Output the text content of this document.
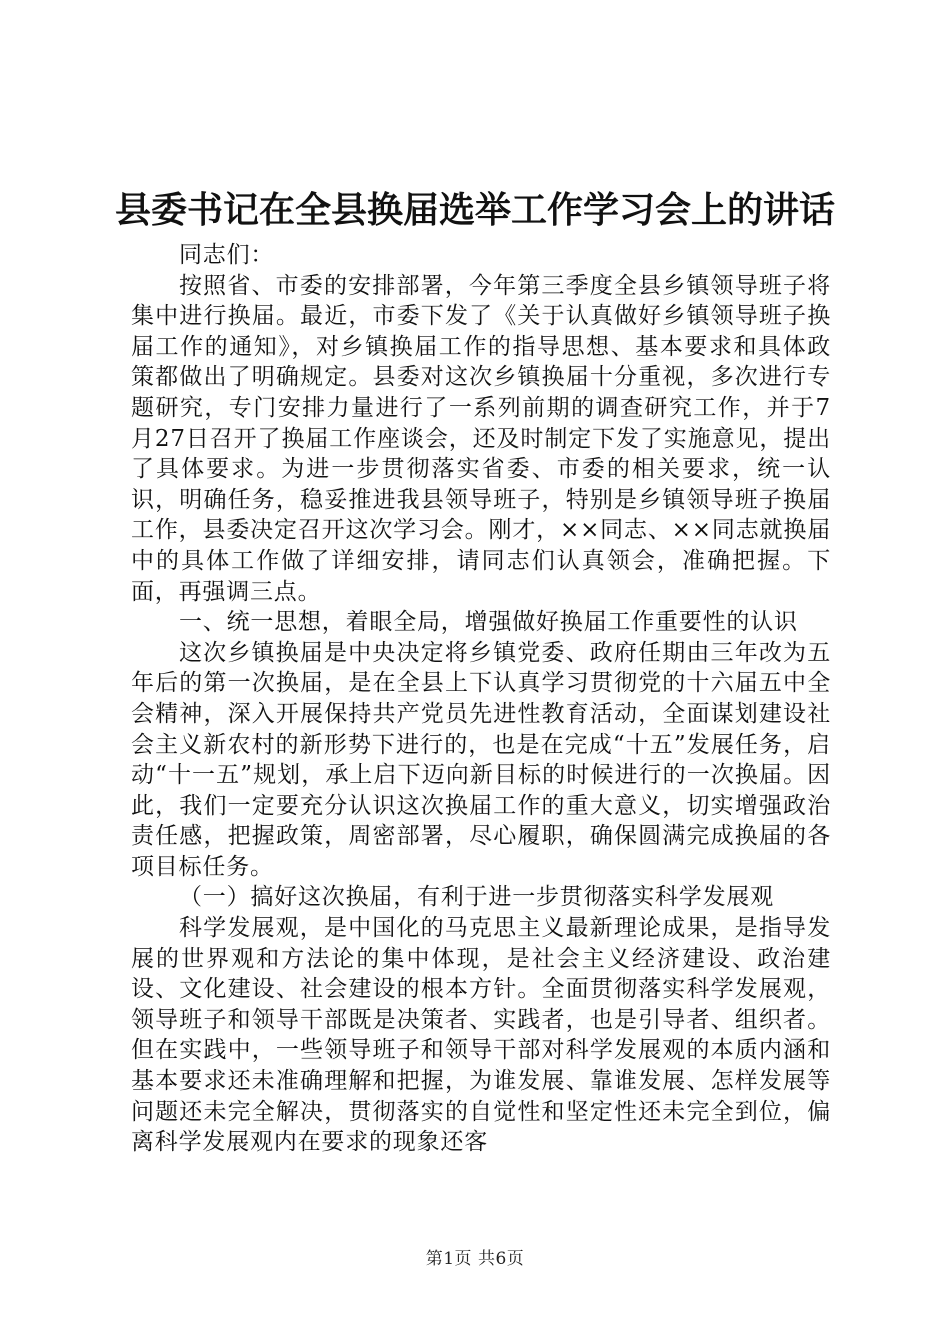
县委书记在全县换届选举工作学习会上的讲话

同志们：

按照省、市委的安排部署，今年第三季度全县乡镇领导班子将集中进行换届。最近，市委下发了《关于认真做好乡镇领导班子换届工作的通知》，对乡镇换届工作的指导思想、基本要求和具体政策都做出了明确规定。县委对这次乡镇换届十分重视，多次进行专题研究，专门安排力量进行了一系列前期的调查研究工作，并于7月27日召开了换届工作座谈会，还及时制定下发了实施意见，提出了具体要求。为进一步贯彻落实省委、市委的相关要求，统一认识，明确任务，稳妥推进我县领导班子，特别是乡镇领导班子换届工作，县委决定召开这次学习会。刚才，××同志、××同志就换届中的具体工作做了详细安排，请同志们认真领会，准确把握。下面，再强调三点。

一、统一思想，着眼全局，增强做好换届工作重要性的认识

这次乡镇换届是中央决定将乡镇党委、政府任期由三年改为五年后的第一次换届，是在全县上下认真学习贯彻党的十六届五中全会精神，深入开展保持共产党员先进性教育活动，全面谋划建设社会主义新农村的新形势下进行的，也是在完成“十五”发展任务，启动“十一五”规划，承上启下迈向新目标的时候进行的一次换届。因此，我们一定要充分认识这次换届工作的重大意义，切实增强政治责任感，把握政策，周密部署，尽心履职，确保圆满完成换届的各项目标任务。

（一）搞好这次换届，有利于进一步贯彻落实科学发展观

科学发展观，是中国化的马克思主义最新理论成果，是指导发展的世界观和方法论的集中体现，是社会主义经济建设、政治建设、文化建设、社会建设的根本方针。全面贯彻落实科学发展观，领导班子和领导干部既是决策者、实践者，也是引导者、组织者。但在实践中，一些领导班子和领导干部对科学发展观的本质内涵和基本要求还未准确理解和把握，为谁发展、靠谁发展、怎样发展等问题还未完全解决，贯彻落实的自觉性和坚定性还未完全到位，偏离科学发展观内在要求的现象还客

第1页 共6页
